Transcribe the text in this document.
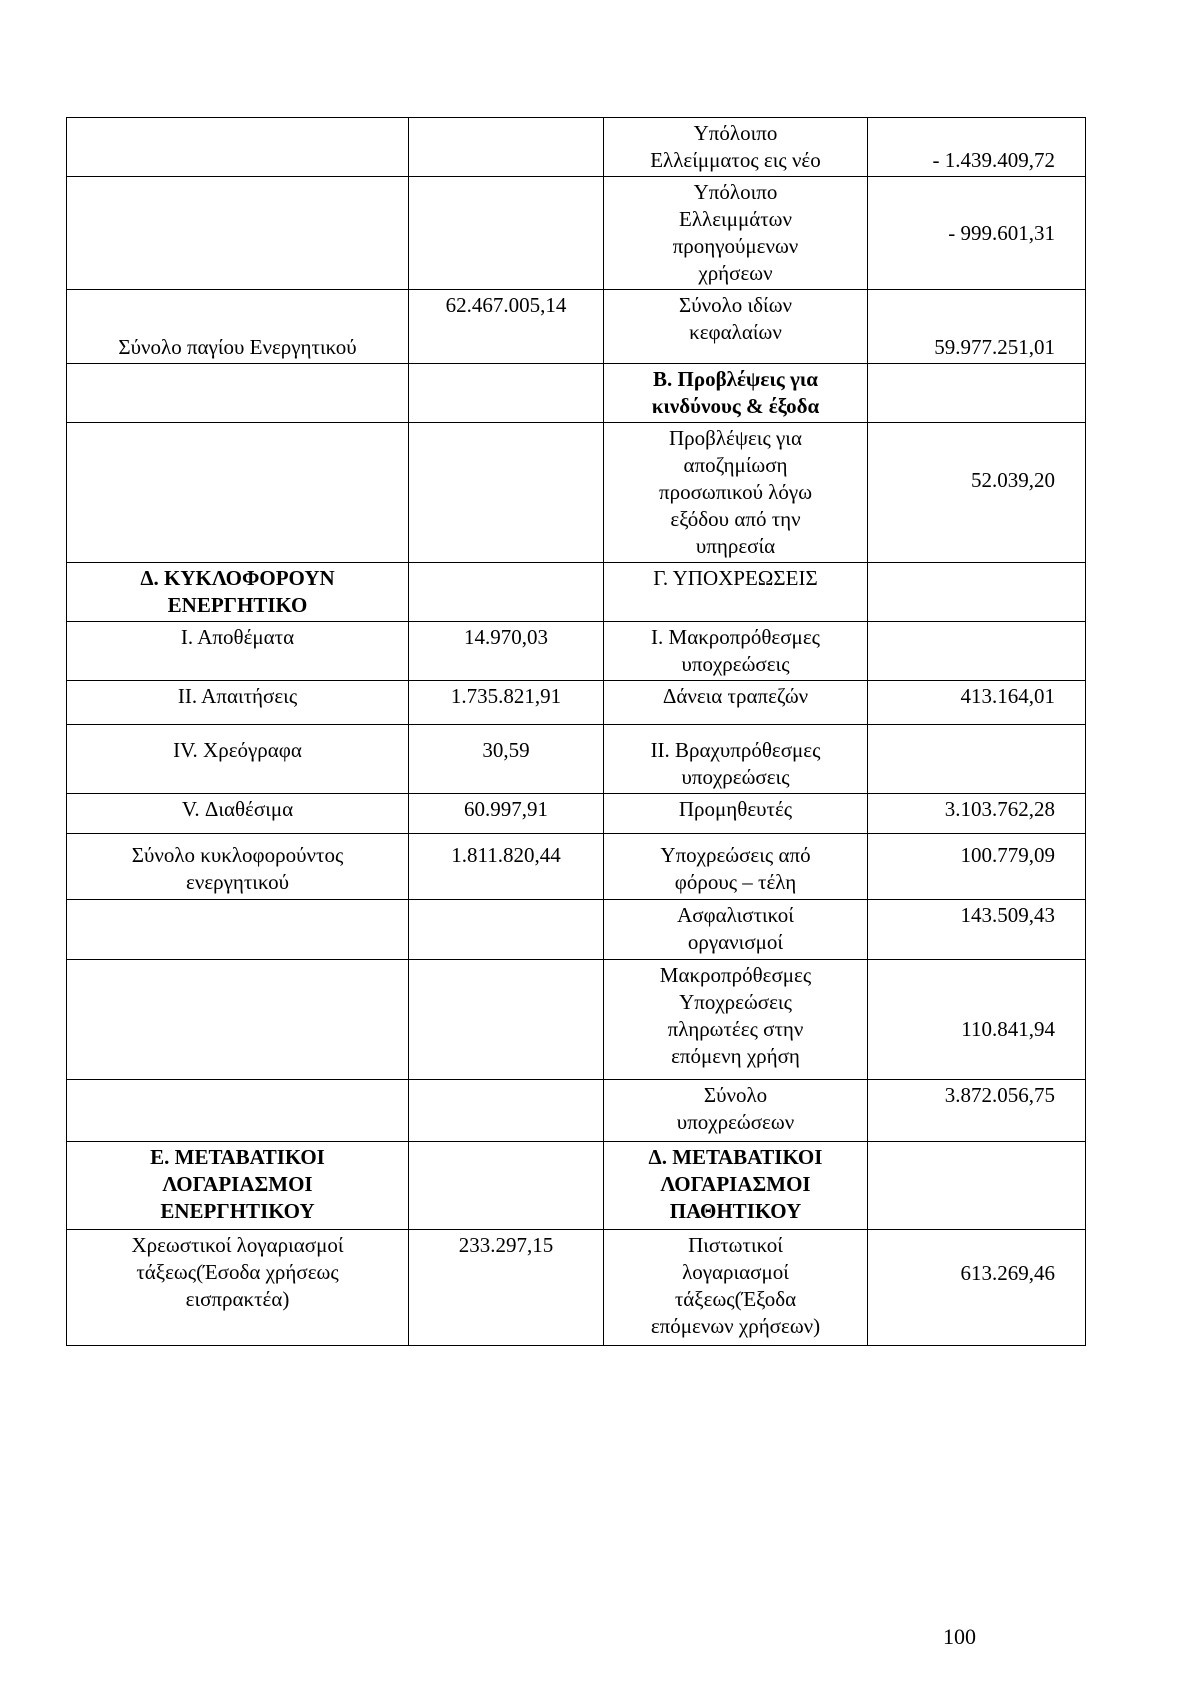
		Υπόλοιπο
Ελλείμματος εις νέο	- 1.439.409,72
		Υπόλοιπο
Ελλειμμάτων
προηγούμενων
χρήσεων	- 999.601,31
Σύνολο παγίου Ενεργητικού	62.467.005,14	Σύνολο ιδίων
κεφαλαίων	59.977.251,01
		Β. Προβλέψεις για
κινδύνους & έξοδα	
		Προβλέψεις για
αποζημίωση
προσωπικού λόγω
εξόδου από την
υπηρεσία	52.039,20
Δ. ΚΥΚΛΟΦΟΡΟΥΝ
ΕΝΕΡΓΗΤΙΚΟ		Γ. ΥΠΟΧΡΕΩΣΕΙΣ	
Ι. Αποθέματα	14.970,03	Ι. Μακροπρόθεσμες
υποχρεώσεις	
ΙΙ. Απαιτήσεις	1.735.821,91	Δάνεια τραπεζών	413.164,01
IV. Χρεόγραφα	30,59	ΙΙ. Βραχυπρόθεσμες
υποχρεώσεις	
V. Διαθέσιμα	60.997,91	Προμηθευτές	3.103.762,28
Σύνολο κυκλοφορούντος
ενεργητικού	1.811.820,44	Υποχρεώσεις από
φόρους – τέλη	100.779,09
		Ασφαλιστικοί
οργανισμοί	143.509,43
		Μακροπρόθεσμες
Υποχρεώσεις
πληρωτέες στην
επόμενη χρήση	110.841,94
		Σύνολο
υποχρεώσεων	3.872.056,75
Ε. ΜΕΤΑΒΑΤΙΚΟΙ
ΛΟΓΑΡΙΑΣΜΟΙ
ΕΝΕΡΓΗΤΙΚΟΥ		Δ. ΜΕΤΑΒΑΤΙΚΟΙ
ΛΟΓΑΡΙΑΣΜΟΙ
ΠΑΘΗΤΙΚΟΥ	
Χρεωστικοί λογαριασμοί
τάξεως(Έσοδα χρήσεως
εισπρακτέα)	233.297,15	Πιστωτικοί
λογαριασμοί
τάξεως(Έξοδα
επόμενων χρήσεων)	613.269,46
100
